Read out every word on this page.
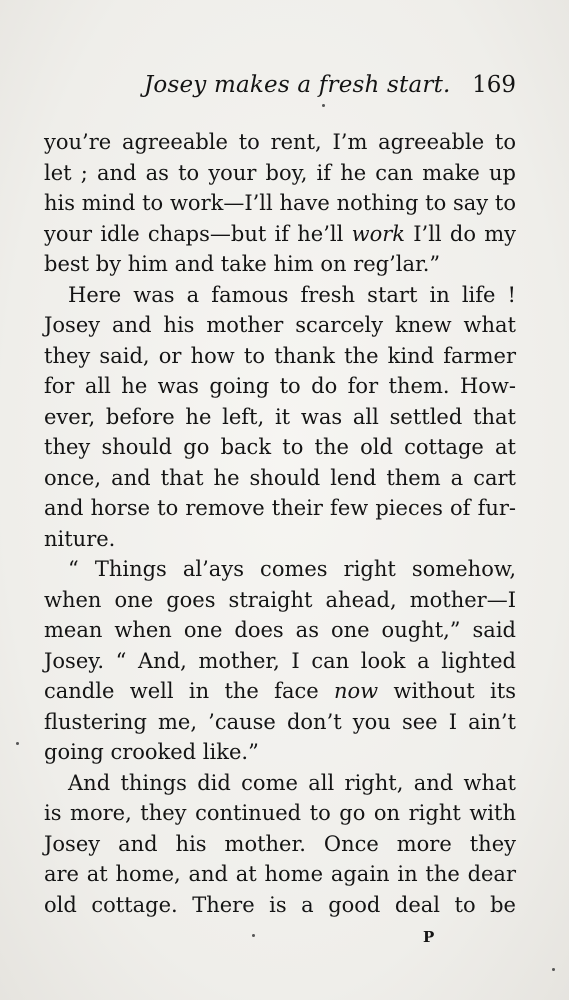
Josey makes a fresh start. 169
you’re agreeable to rent, I’m agreeable to
let ; and as to your boy, if he can make up
his mind to work—I’ll have nothing to say to
your idle chaps—but if he’ll work I’ll do my
best by him and take him on reg’lar.”
Here was a famous fresh start in life !
Josey and his mother scarcely knew what
they said, or how to thank the kind farmer
for all he was going to do for them. How-
ever, before he left, it was all settled that
they should go back to the old cottage at
once, and that he should lend them a cart
and horse to remove their few pieces of fur-
niture.
“ Things al’ays comes right somehow,
when one goes straight ahead, mother—I
mean when one does as one ought,” said
Josey. “ And, mother, I can look a lighted
candle well in the face now without its
flustering me, ’cause don’t you see I ain’t
going crooked like.”
And things did come all right, and what
is more, they continued to go on right with
Josey and his mother. Once more they
are at home, and at home again in the dear
old cottage. There is a good deal to be
P
